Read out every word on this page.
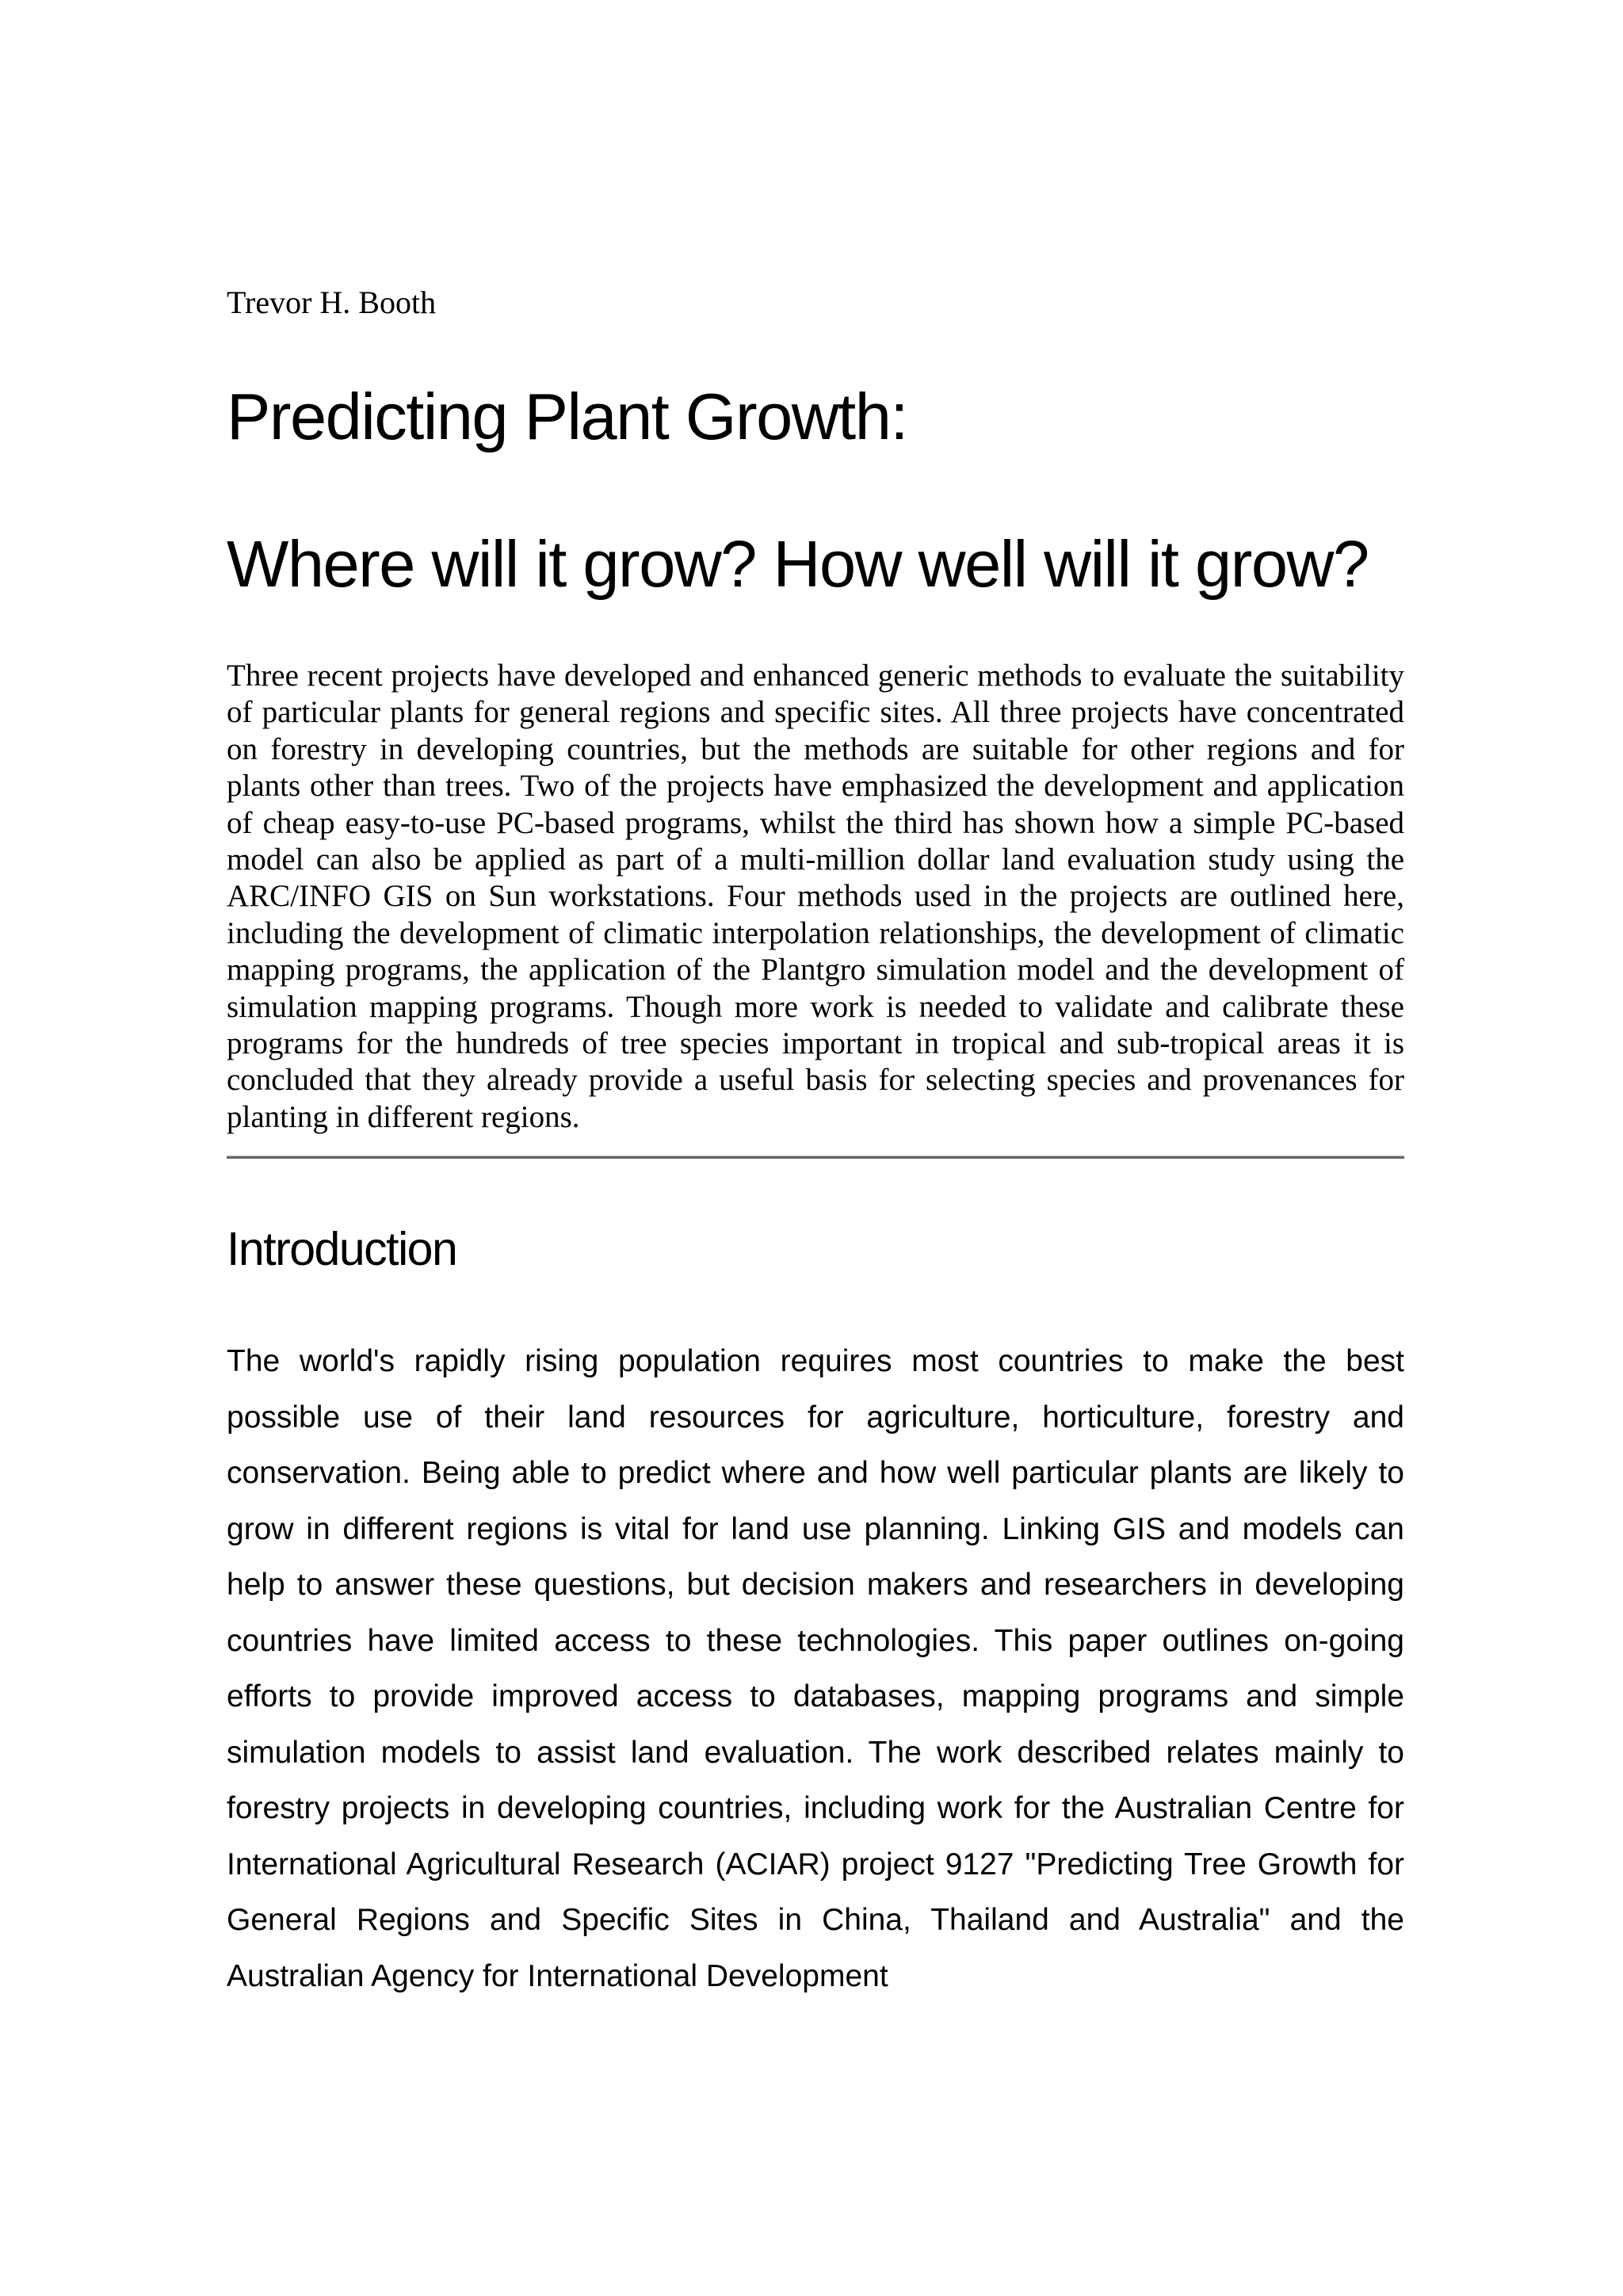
Trevor H. Booth
Predicting Plant Growth:
Where will it grow? How well will it grow?

Three recent projects have developed and enhanced generic methods to evaluate the suitability of particular plants for general regions and specific sites. All three projects have concentrated on forestry in developing countries, but the methods are suitable for other regions and for plants other than trees. Two of the projects have emphasized the development and application of cheap easy-to-use PC-based programs, whilst the third has shown how a simple PC-based model can also be applied as part of a multi-million dollar land evaluation study using the ARC/INFO GIS on Sun workstations. Four methods used in the projects are outlined here, including the development of climatic interpolation relationships, the development of climatic mapping programs, the application of the Plantgro simulation model and the development of simulation mapping programs. Though more work is needed to validate and calibrate these programs for the hundreds of tree species important in tropical and sub-tropical areas it is concluded that they already provide a useful basis for selecting species and provenances for planting in different regions.

Introduction

The world's rapidly rising population requires most countries to make the best possible use of their land resources for agriculture, horticulture, forestry and conservation. Being able to predict where and how well particular plants are likely to grow in different regions is vital for land use planning. Linking GIS and models can help to answer these questions, but decision makers and researchers in developing countries have limited access to these technologies. This paper outlines on-going efforts to provide improved access to databases, mapping programs and simple simulation models to assist land evaluation. The work described relates mainly to forestry projects in developing countries, including work for the Australian Centre for International Agricultural Research (ACIAR) project 9127 "Predicting Tree Growth for General Regions and Specific Sites in China, Thailand and Australia" and the Australian Agency for International Development
